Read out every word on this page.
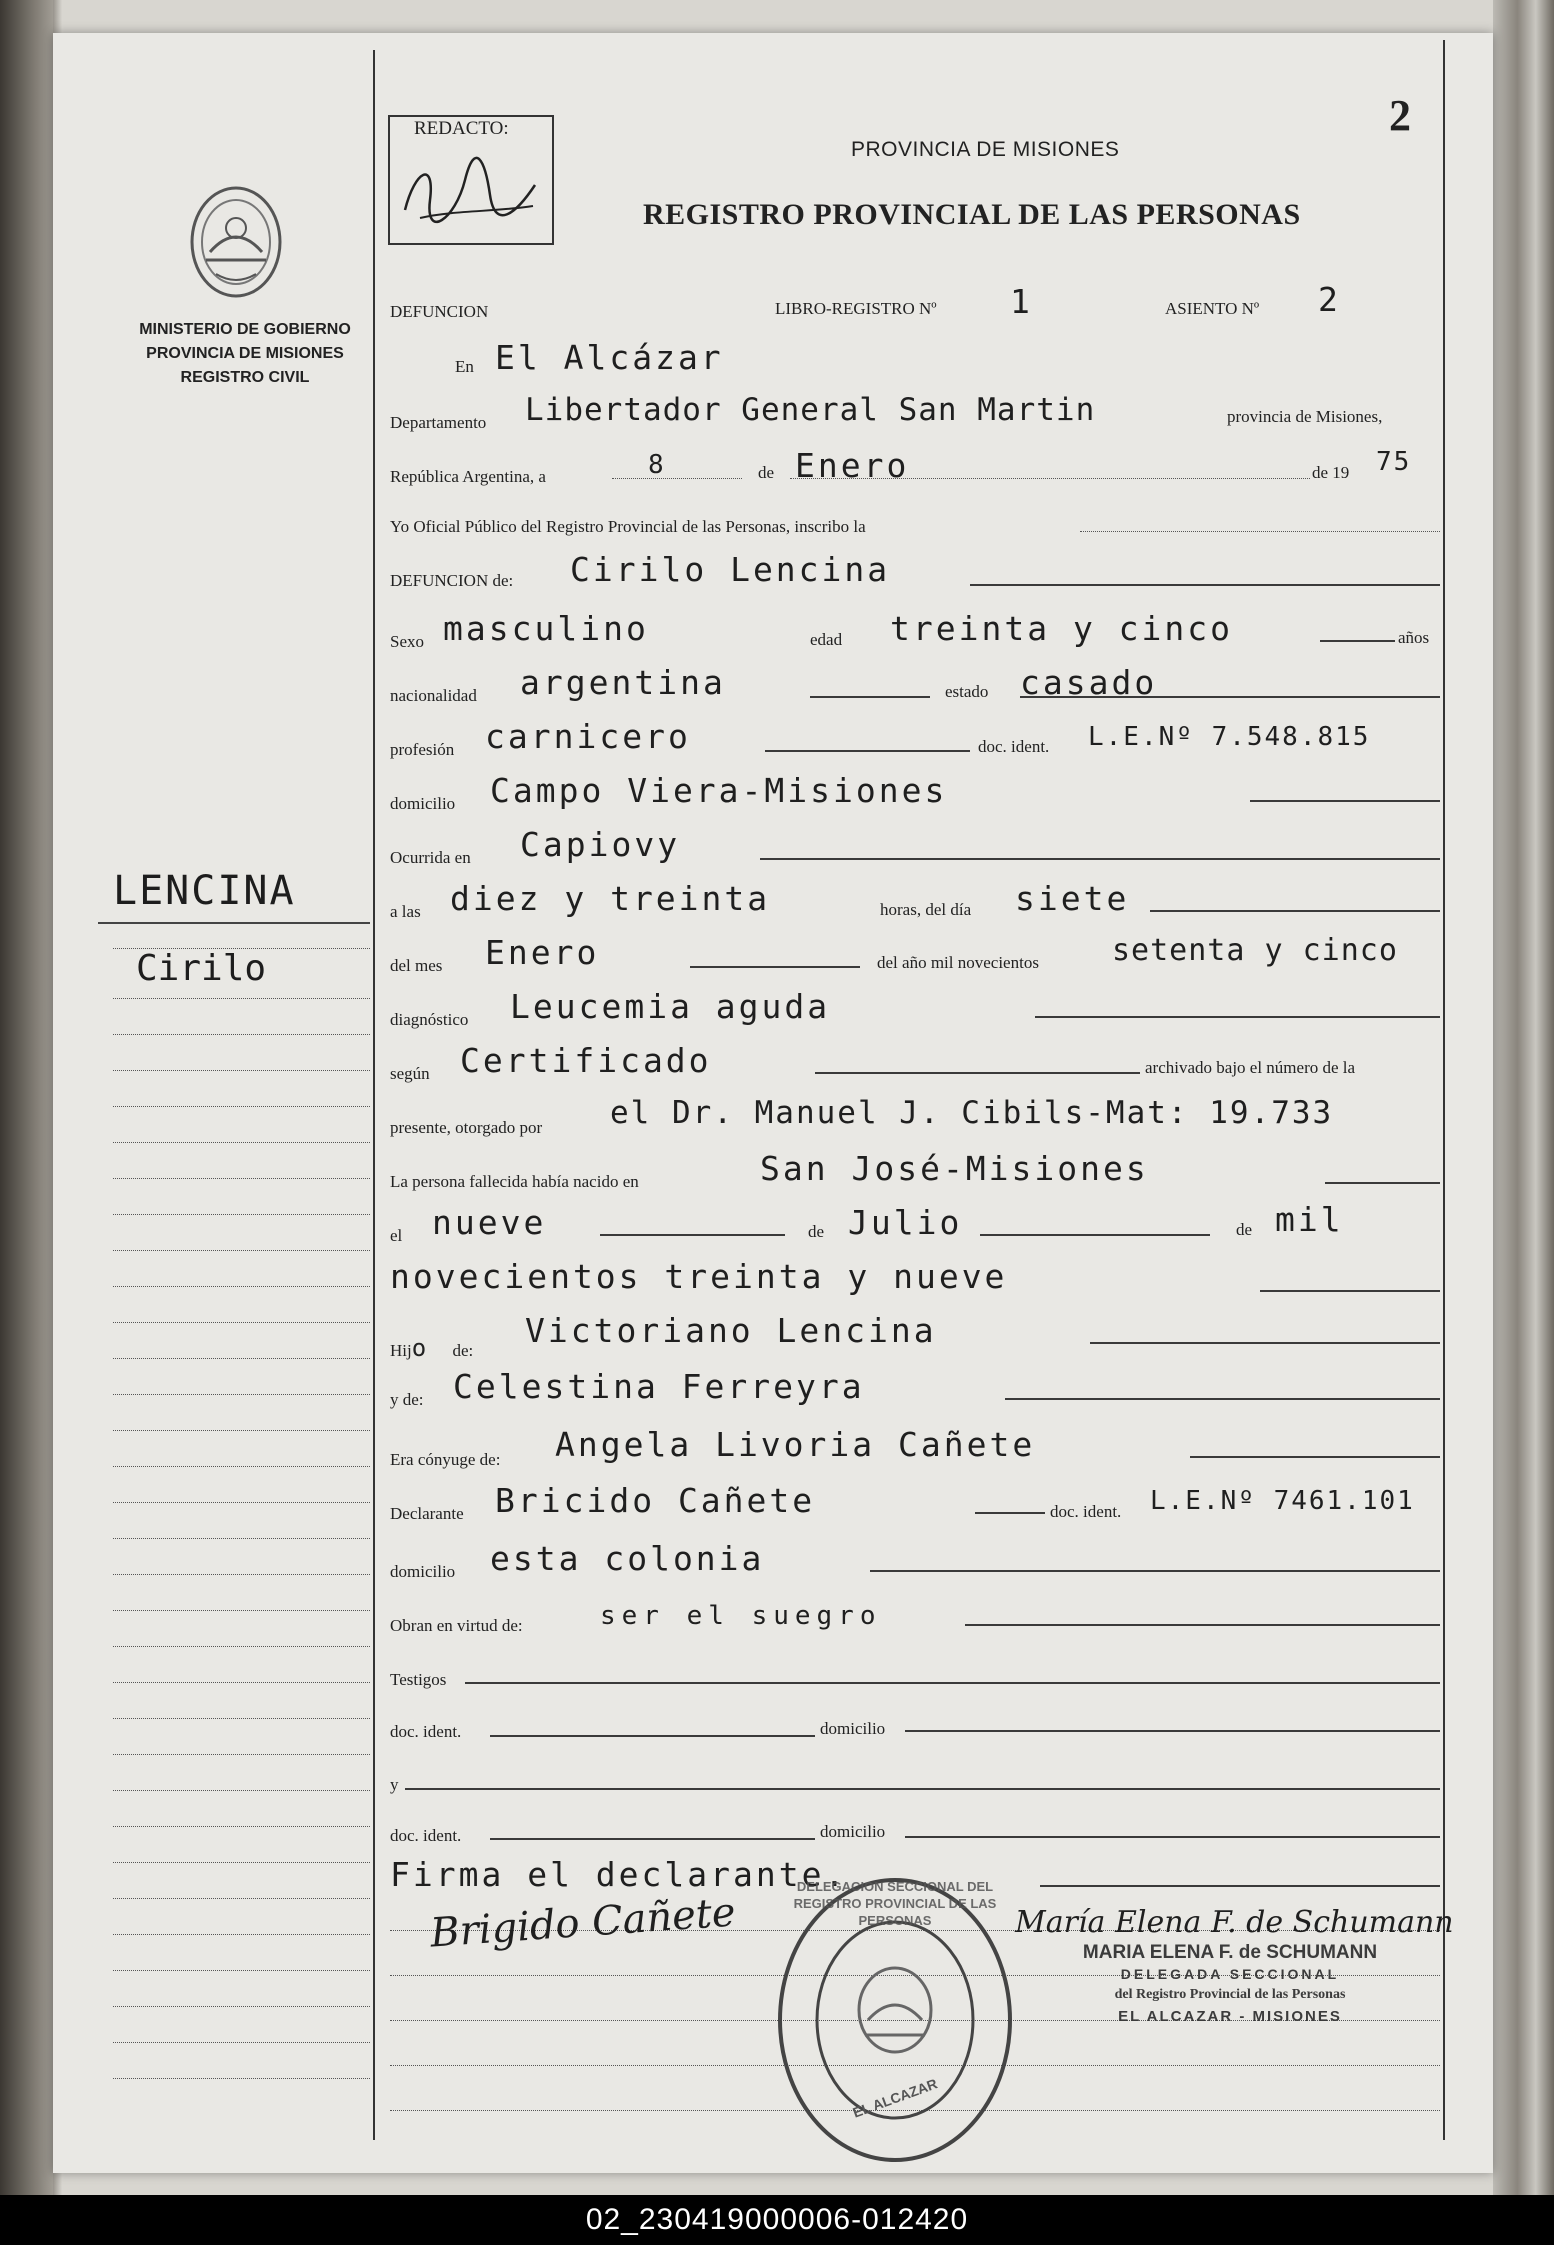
MINISTERIO DE GOBIERNO
PROVINCIA DE MISIONES
REGISTRO CIVIL
LENCINA
Cirilo
REDACTO:	2
PROVINCIA DE MISIONES
REGISTRO PROVINCIAL DE LAS PERSONAS
DEFUNCION	LIBRO-REGISTRO Nº 1	ASIENTO Nº 2
En El Alcázar
Departamento Libertador General San Martin	provincia de Misiones,
República Argentina, a	8	de Enero	de 19 75
Yo Oficial Público del Registro Provincial de las Personas, inscribo la
DEFUNCION de: Cirilo Lencina
Sexo masculino	edad treinta y cinco	años
nacionalidad argentina	estado casado
profesión carnicero	doc. ident. L.E.Nº 7.548.815
domicilio Campo Viera-Misiones
Ocurrida en Capiovy
a las diez y treinta	horas, del día siete
del mes Enero	del año mil novecientos setenta y cinco
diagnóstico Leucemia aguda
según Certificado	archivado bajo el número de la
presente, otorgado por el Dr. Manuel J. Cibils-Mat: 19.733
La persona fallecida había nacido en	San José-Misiones
el nueve	de Julio	de mil
novecientos treinta y nueve
Hijo de:
Victoriano Lencina
y de: Celestina Ferreyra
Era cónyuge de: Angela Livoria Cañete
Declarante Bricido Cañete	doc. ident. L.E.Nº 7461.101
domicilio esta colonia
Obran en virtud de:	ser el suegro
Testigos
doc. ident.	domicilio
y
doc. ident.	domicilio
Firma el declarante.
Brigido Cañete
DELEGACION SECCIONAL DEL REGISTRO PROVINCIAL DE LAS PERSONAS
EL ALCAZAR
María Elena F. de Schumann
MARIA ELENA F. de SCHUMANN
DELEGADA SECCIONAL
del Registro Provincial de las Personas
EL ALCAZAR - MISIONES
02_230419000006-012420
